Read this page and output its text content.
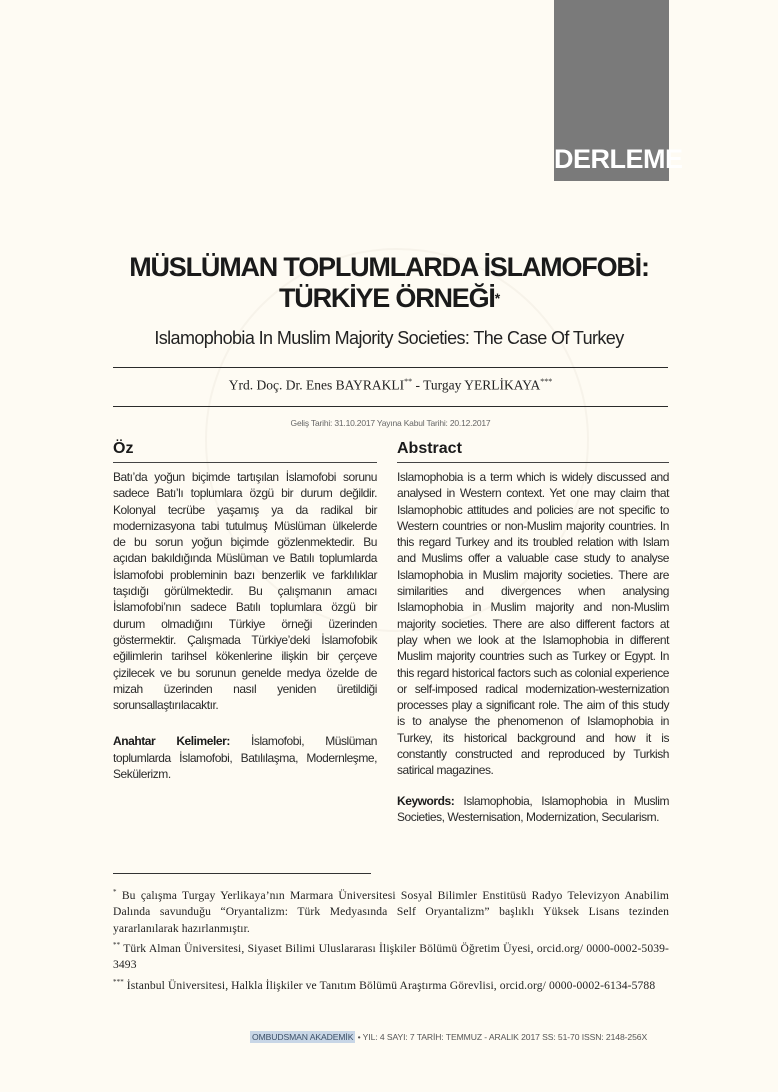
DERLEME
MÜSLÜMAN TOPLUMLARDA İSLAMOFOBİ:
TÜRKİYE ÖRNEĞİ*

Islamophobia In Muslim Majority Societies: The Case Of Turkey

Yrd. Doç. Dr. Enes BAYRAKLI** - Turgay YERLİKAYA***
Geliş Tarihi: 31.10.2017 Yayına Kabul Tarihi: 20.12.2017
Öz

Batı’da yoğun biçimde tartışılan İslamofobi sorunu sadece Batı’lı toplumlara özgü bir durum değildir. Kolonyal tecrübe yaşamış ya da radikal bir modernizasyona tabi tutulmuş Müslüman ülkelerde de bu sorun yoğun biçimde gözlenmektedir. Bu açıdan bakıldığında Müslüman ve Batılı toplumlarda İslamofobi probleminin bazı benzerlik ve farklılıklar taşıdığı görülmektedir. Bu çalışmanın amacı İslamofobi’nın sadece Batılı toplumlara özgü bir durum olmadığını Türkiye örneği üzerinden göstermektir. Çalışmada Türkiye’deki İslamofobik eğilimlerin tarihsel kökenlerine ilişkin bir çerçeve çizilecek ve bu sorunun genelde medya özelde de mizah üzerinden nasıl yeniden üretildiği sorunsallaştırılacaktır.

Anahtar Kelimeler: İslamofobi, Müslüman toplumlarda İslamofobi, Batılılaşma, Modernleşme, Sekülerizm.

Abstract

Islamophobia is a term which is widely discussed and analysed in Western context. Yet one may claim that Islamophobic attitudes and policies are not specific to Western countries or non-Muslim majority countries. In this regard Turkey and its troubled relation with Islam and Muslims offer a valuable case study to analyse Islamophobia in Muslim majority societies. There are similarities and divergences when analysing Islamophobia in Muslim majority and non-Muslim majority societies. There are also different factors at play when we look at the Islamophobia in different Muslim majority countries such as Turkey or Egypt. In this regard historical factors such as colonial experience or self-imposed radical modernization-westernization processes play a significant role. The aim of this study is to analyse the phenomenon of Islamophobia in Turkey, its historical background and how it is constantly constructed and reproduced by Turkish satirical magazines.

Keywords: Islamophobia, Islamophobia in Muslim Societies, Westernisation, Modernization, Secularism.

* Bu çalışma Turgay Yerlikaya’nın Marmara Üniversitesi Sosyal Bilimler Enstitüsü Radyo Televizyon Anabilim Dalında savunduğu “Oryantalizm: Türk Medyasında Self Oryantalizm” başlıklı Yüksek Lisans tezinden yararlanılarak hazırlanmıştır.

** Türk Alman Üniversitesi, Siyaset Bilimi Uluslararası İlişkiler Bölümü Öğretim Üyesi, orcid.org/ 0000-0002-5039-3493

*** İstanbul Üniversitesi, Halkla İlişkiler ve Tanıtım Bölümü Araştırma Görevlisi, orcid.org/ 0000-0002-6134-5788

OMBUDSMAN AKADEMİK • YIL: 4 SAYI: 7 TARİH: TEMMUZ - ARALIK 2017 SS: 51-70 ISSN: 2148-256X
